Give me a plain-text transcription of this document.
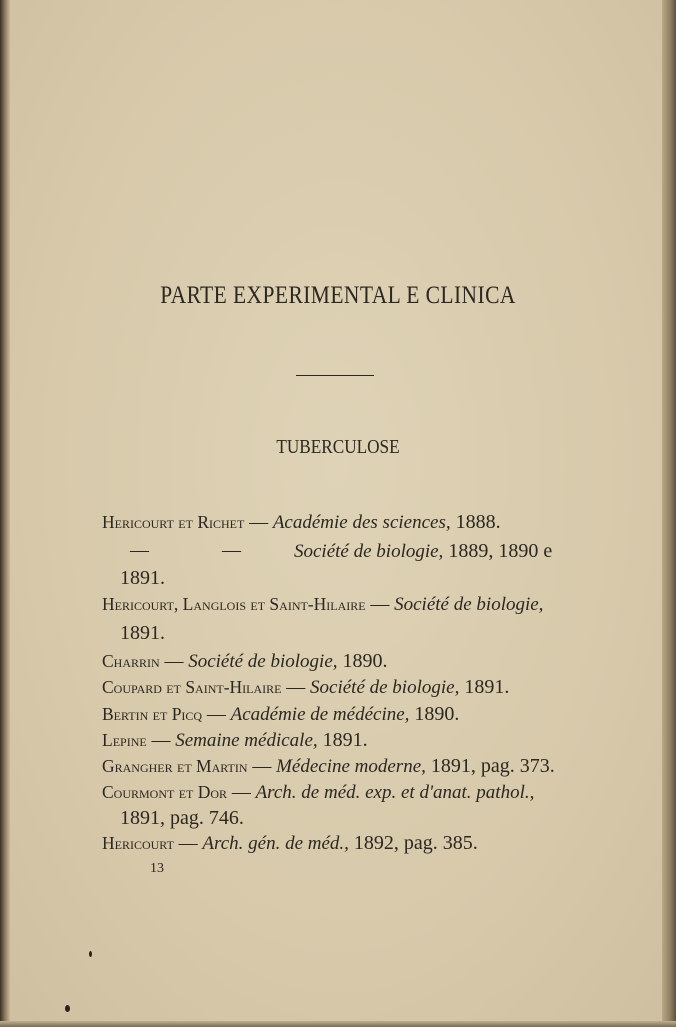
PARTE EXPERIMENTAL E CLINICA
TUBERCULOSE
Hericourt et Richet — Académie des sciences, 1888.
—	—	Société de biologie, 1889, 1890 e
1891.
Hericourt, Langlois et Saint-Hilaire — Société de biologie,
1891.
Charrin — Société de biologie, 1890.
Coupard et Saint-Hilaire — Société de biologie, 1891.
Bertin et Picq — Académie de médécine, 1890.
Lepine — Semaine médicale, 1891.
Grangher et Martin — Médecine moderne, 1891, pag. 373.
Courmont et Dor — Arch. de méd. exp. et d'anat. pathol.,
1891, pag. 746.
Hericourt — Arch. gén. de méd., 1892, pag. 385.
13
